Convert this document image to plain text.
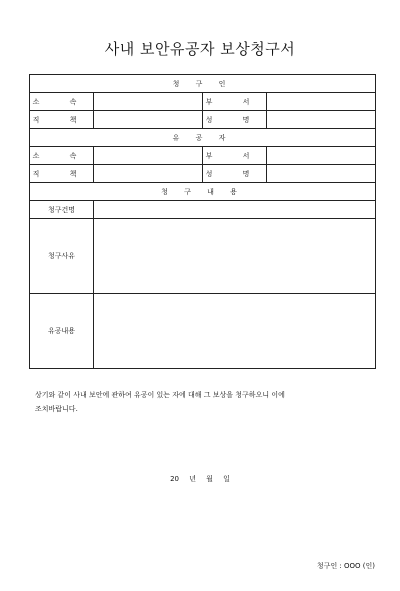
사내 보안유공자 보상청구서
청 구 인			
소 속		부 서	
직 책		성 명	
유 공 자			
소 속		부 서	
직 책		성 명	
청 구 내 용			
청구건명			
청구사유			
유공내용			
상기와 같이 사내 보안에 관하여 유공이 있는 자에 대해 그 보상을 청구하오니 이에
조치바랍니다.
20 년 월 일
청구인 : OOO (인)
